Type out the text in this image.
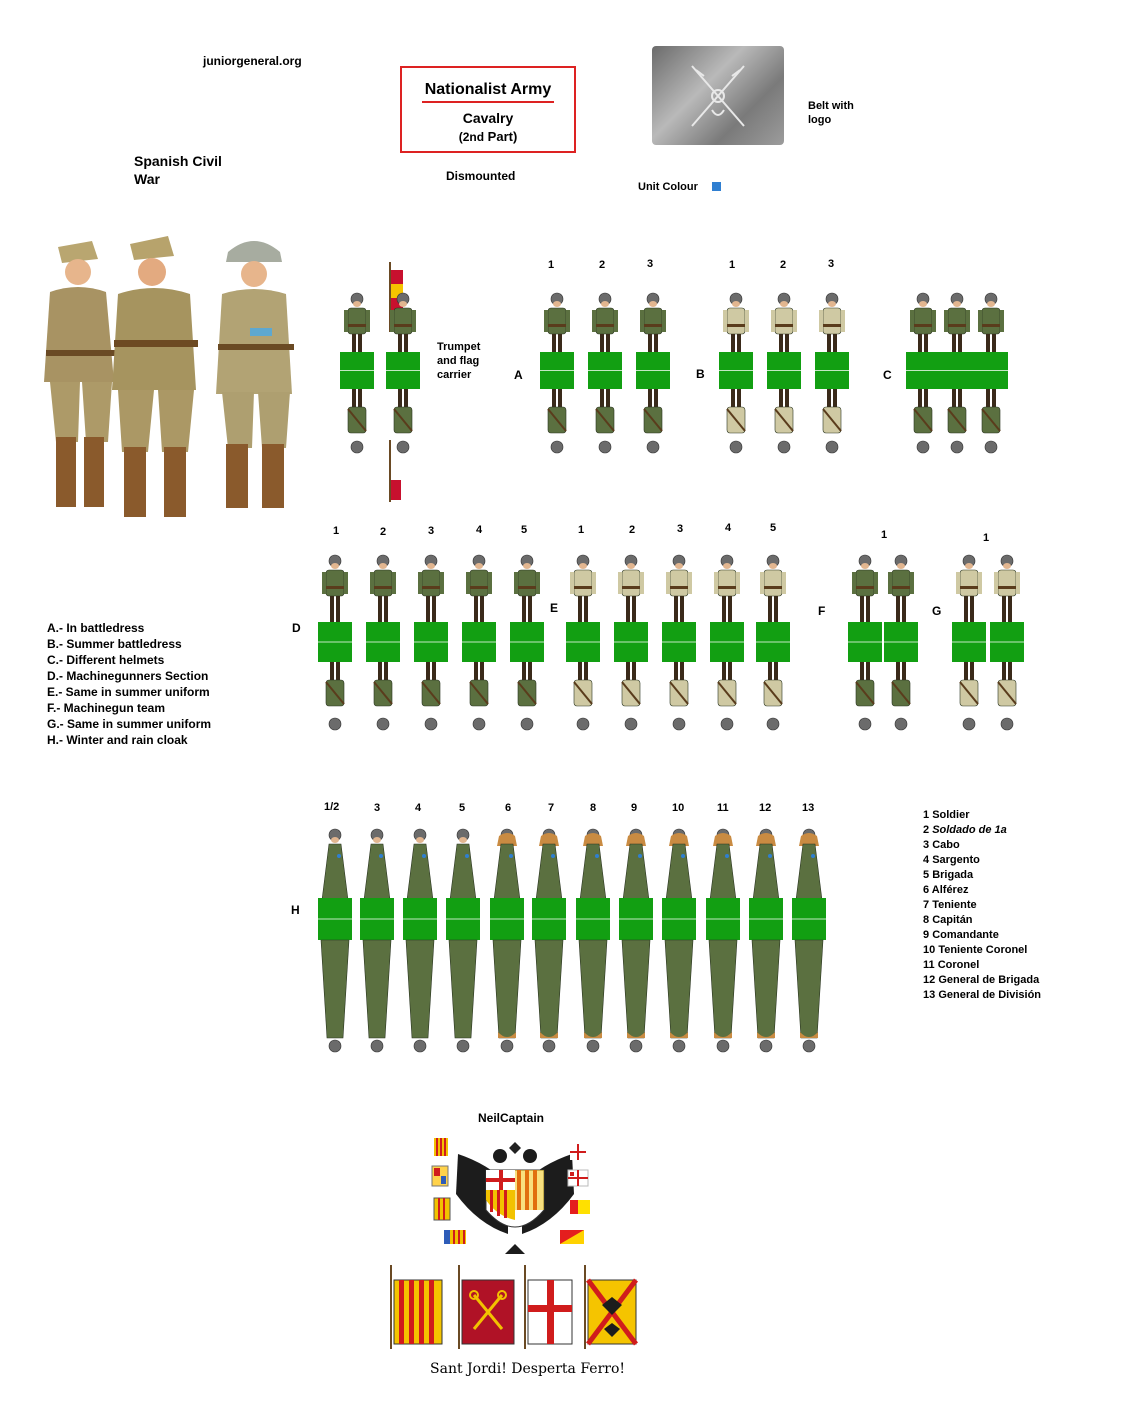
juniorgeneral.org
Nationalist Army
Cavalry
(2nd Part)
Dismounted
Belt with logo
Unit Colour
Spanish Civil War
Trumpet and flag carrier	A	B	C
D
E	F	G
H
1	2	3	1	2	3
1	2	3	4	5	1	2	3	4	5
1	1
1/2	3	4	5	6	7	8	9	10	11	12	13
A.- In battledress
B.- Summer battledress
C.- Different helmets
D.- Machinegunners Section
E.- Same in summer uniform
F.- Machinegun team
G.- Same in summer uniform
H.- Winter and rain cloak
1 Soldier
2 Soldado de 1a
3 Cabo
4 Sargento
5 Brigada
6 Alférez
7 Teniente
8 Capitán
9 Comandante
10 Teniente Coronel
11 Coronel
12 General de Brigada
13 General de División
NeilCaptain
Sant Jordi! Desperta Ferro!
